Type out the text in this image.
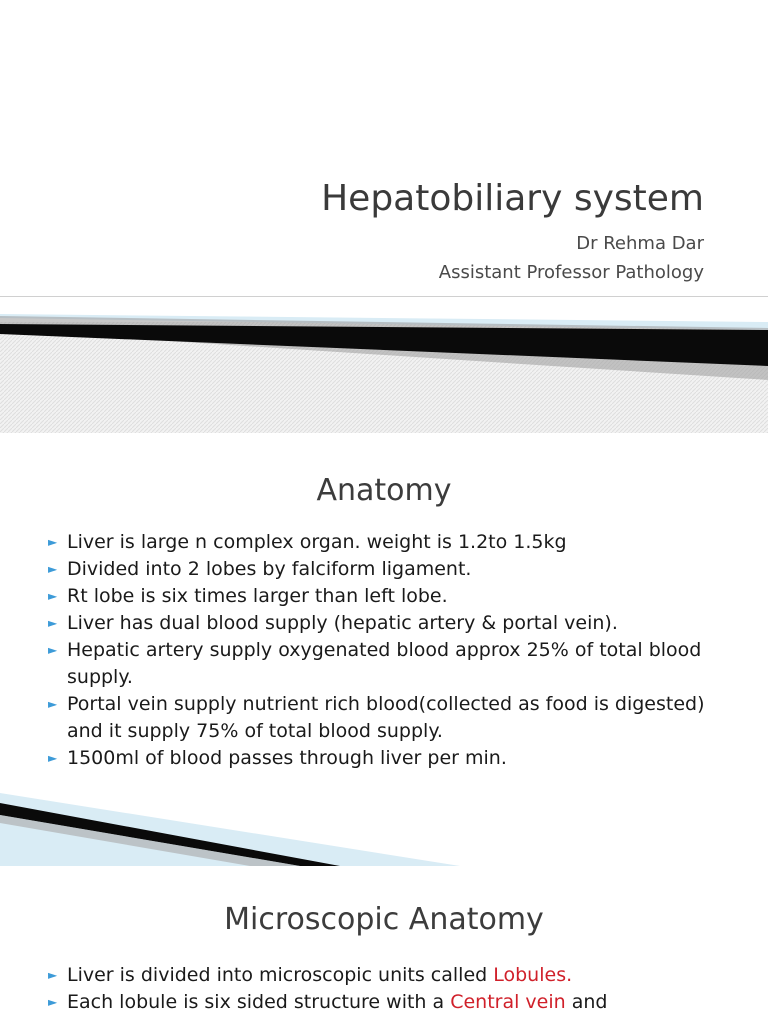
Hepatobiliary system
Dr Rehma Dar
Assistant Professor Pathology
Anatomy
► Liver is large n complex organ. weight is 1.2to 1.5kg
► Divided into 2 lobes by falciform ligament.
► Rt lobe is six times larger than left lobe.
► Liver has dual blood supply (hepatic artery & portal vein).
► Hepatic artery supply oxygenated blood approx 25% of total blood supply.
► Portal vein supply nutrient rich blood(collected as food is digested) and it supply 75% of total blood supply.
► 1500ml of blood passes through liver per min.
Microscopic Anatomy
► Liver is divided into microscopic units called Lobules.
► Each lobule is six sided structure with a Central vein and
